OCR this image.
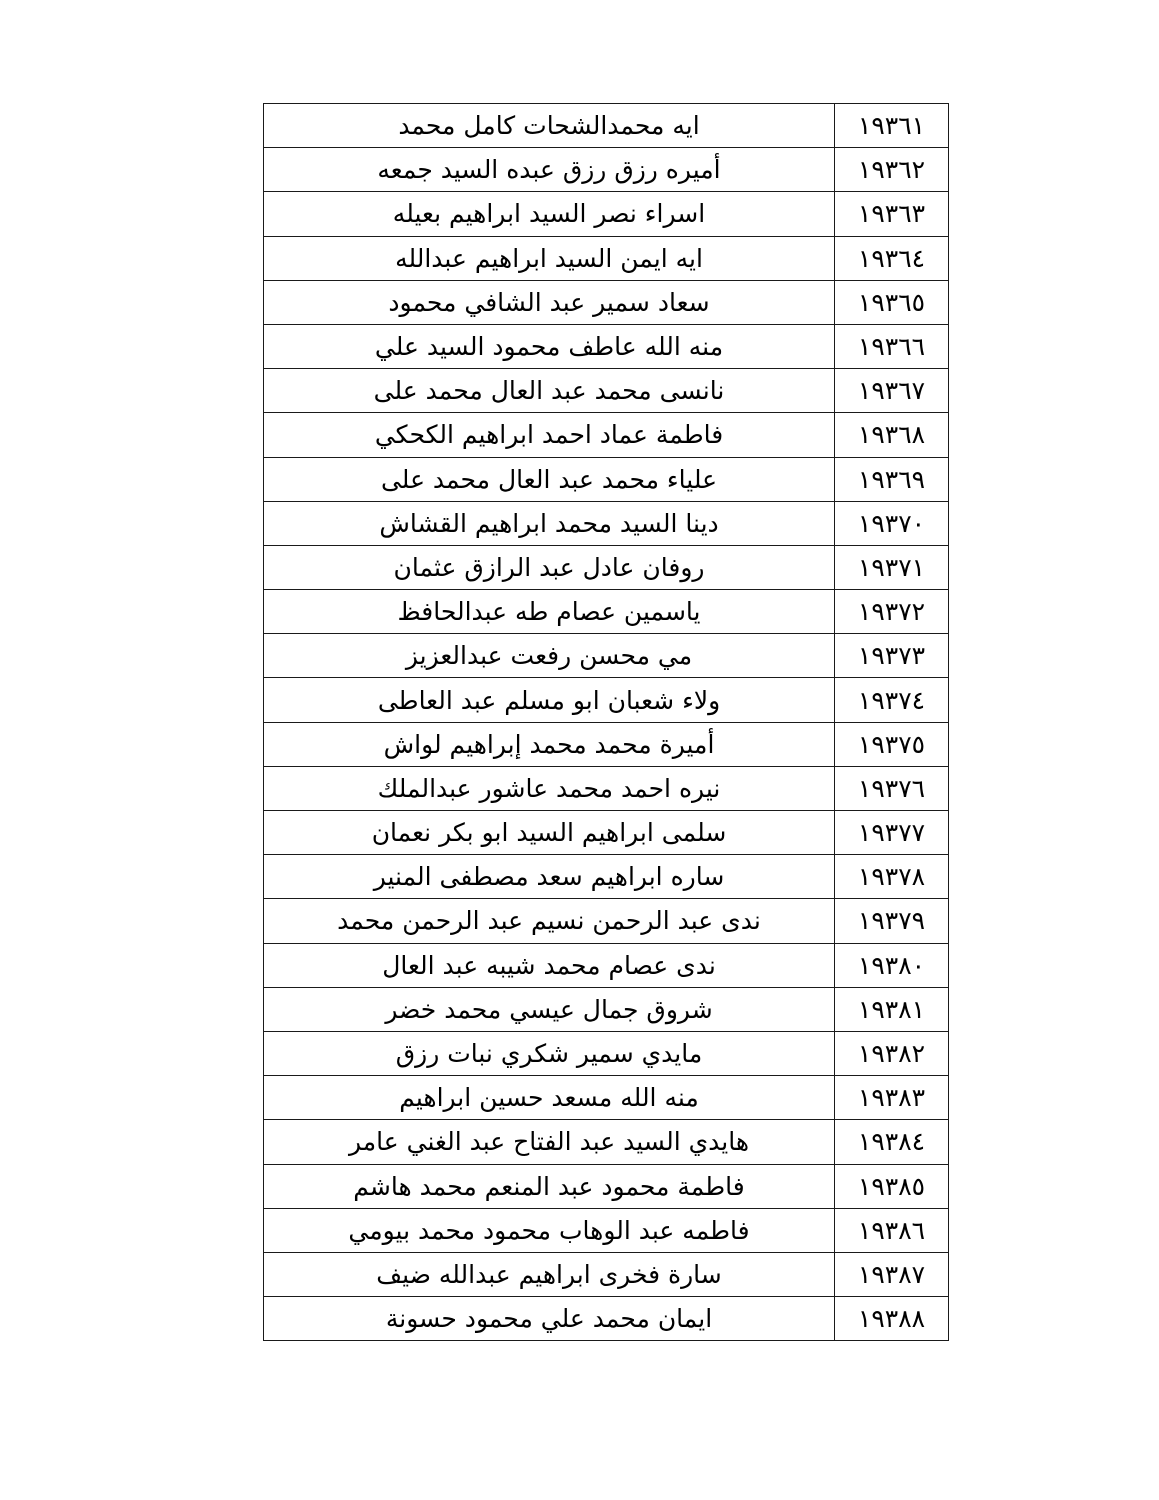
١٩٣٦١	ايه محمدالشحات كامل محمد
١٩٣٦٢	أميره رزق رزق عبده السيد جمعه
١٩٣٦٣	اسراء نصر السيد ابراهيم بعيله
١٩٣٦٤	ايه ايمن السيد ابراهيم عبدالله
١٩٣٦٥	سعاد سمير عبد الشافي محمود
١٩٣٦٦	منه الله عاطف محمود السيد علي
١٩٣٦٧	نانسى محمد عبد العال محمد على
١٩٣٦٨	فاطمة عماد احمد ابراهيم الكحكي
١٩٣٦٩	علياء محمد عبد العال محمد على
١٩٣٧٠	دينا السيد محمد ابراهيم القشاش
١٩٣٧١	روفان عادل عبد الرازق عثمان
١٩٣٧٢	ياسمين عصام طه عبدالحافظ
١٩٣٧٣	مي محسن رفعت عبدالعزيز
١٩٣٧٤	ولاء شعبان ابو مسلم عبد العاطى
١٩٣٧٥	أميرة محمد محمد إبراهيم لواش
١٩٣٧٦	نيره احمد محمد عاشور عبدالملك
١٩٣٧٧	سلمى ابراهيم السيد ابو بكر نعمان
١٩٣٧٨	ساره ابراهيم سعد مصطفى المنير
١٩٣٧٩	ندى عبد الرحمن نسيم عبد الرحمن محمد
١٩٣٨٠	ندى عصام محمد شيبه عبد العال
١٩٣٨١	شروق جمال عيسي محمد خضر
١٩٣٨٢	مايدي سمير شكري نبات رزق
١٩٣٨٣	منه الله مسعد حسين ابراهيم
١٩٣٨٤	هايدي السيد عبد الفتاح عبد الغني عامر
١٩٣٨٥	فاطمة محمود عبد المنعم محمد هاشم
١٩٣٨٦	فاطمه عبد الوهاب محمود محمد بيومي
١٩٣٨٧	سارة فخرى ابراهيم عبدالله ضيف
١٩٣٨٨	ايمان محمد علي محمود حسونة
